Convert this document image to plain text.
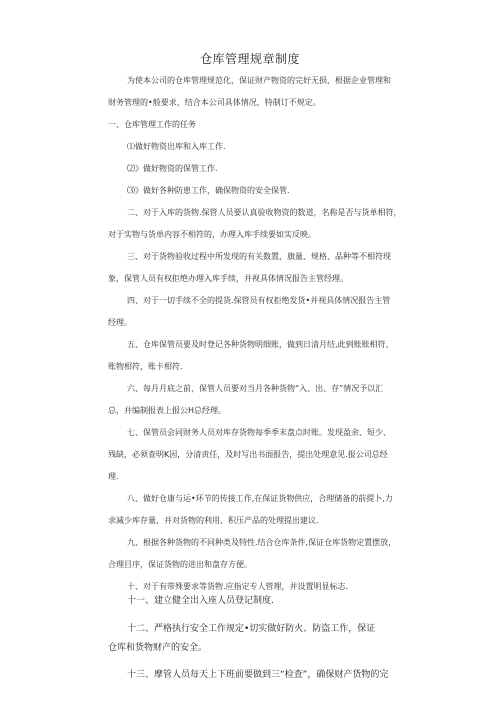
仓库管理规章制度
为使本公司的仓库管理规范化，保证财产物资的完好无损，根据企业管理和
财务管理的•般要求，结合本公司具体情况，特制订不规定。
一、仓库管理工作的任务
⑴做好物资出库和入库工作.
⑵》做好物资的保管工作.
⑶》做好各种防患工作，确保物资的安全保管.
二、对于入库的货物.保管人员要认真验收物资的数道，名称是否与货单相符，
对于实物与货单内容不相符的，办理入库手续要如实反映。
三、对于货物验收过程中所发现的有关数置，旗量、规格、品种等不相符现
象，保管人员有权拒绝办理入库手续，并视具体情况报告主管经理。
四、对于一切手续不全的提货.保管员有权拒绝发货•并视具体情况报告主管
经理。
五、仓库保管员要及时登记各种货物明细账，做到日清月结,此到账账相符、
账物相符，账卡相符.
六、每月月底之前，保管人员要对当月各种货物“入、出、存”情况予以汇
总，并编制报表上报公H总经理。
七、保管员会同财务人员对库存货物每季季末盘点时账。发现盈余、短少、
残缺，必须查明K因，分清责任，及时写出书面报告，提出处理意见.报公司总经
理.
八、做好仓康与运•环节的传接工作,在保证货物供应，合理储备的前提卜,力
求减少库存量，并对货物的利用、积压产品的处理提出建议.
九、根据各种货物的不同种类及特性.结合仓库条件,保证仓库货物定置摆放，
合理目序，保证货物的进出和盘存方便。
十、对于有带殊要求等货物.应指定专人管理，并设置明显标志.
十一、建立健全出入座人员登记制度.
十二、严格执行安全工作规定•切实做好防火、防盗工作，保证
仓库和货物财产的安全。
十三、摩管人员每天上下班前要做到三“检査”，确保财产货物的完
